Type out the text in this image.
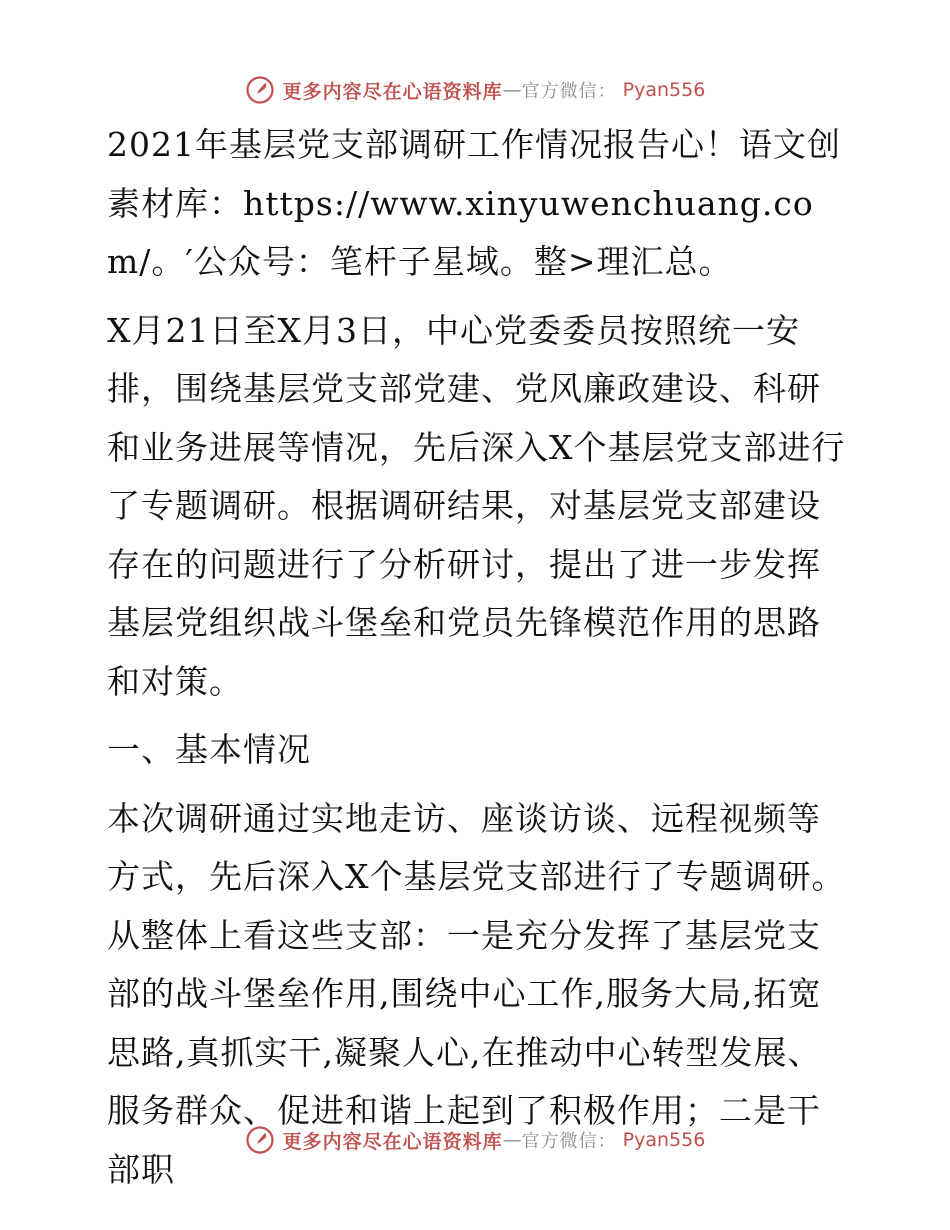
更多内容尽在心语资料库 — 官方微信： Pyan556

2021年基层党支部调研工作情况报告心！语文创素材库：https://www.xinyuwenchuang.com/。′公众号：笔杆子星域。整>理汇总。

X月21日至X月3日，中心党委委员按照统一安排，围绕基层党支部党建、党风廉政建设、科研和业务进展等情况，先后深入X个基层党支部进行了专题调研。根据调研结果，对基层党支部建设存在的问题进行了分析研讨，提出了进一步发挥基层党组织战斗堡垒和党员先锋模范作用的思路和对策。

一、基本情况

本次调研通过实地走访、座谈访谈、远程视频等方式，先后深入X个基层党支部进行了专题调研。从整体上看这些支部：一是充分发挥了基层党支部的战斗堡垒作用,围绕中心工作,服务大局,拓宽思路,真抓实干,凝聚人心,在推动中心转型发展、服务群众、促进和谐上起到了积极作用；二是干部职

更多内容尽在心语资料库 — 官方微信： Pyan556
